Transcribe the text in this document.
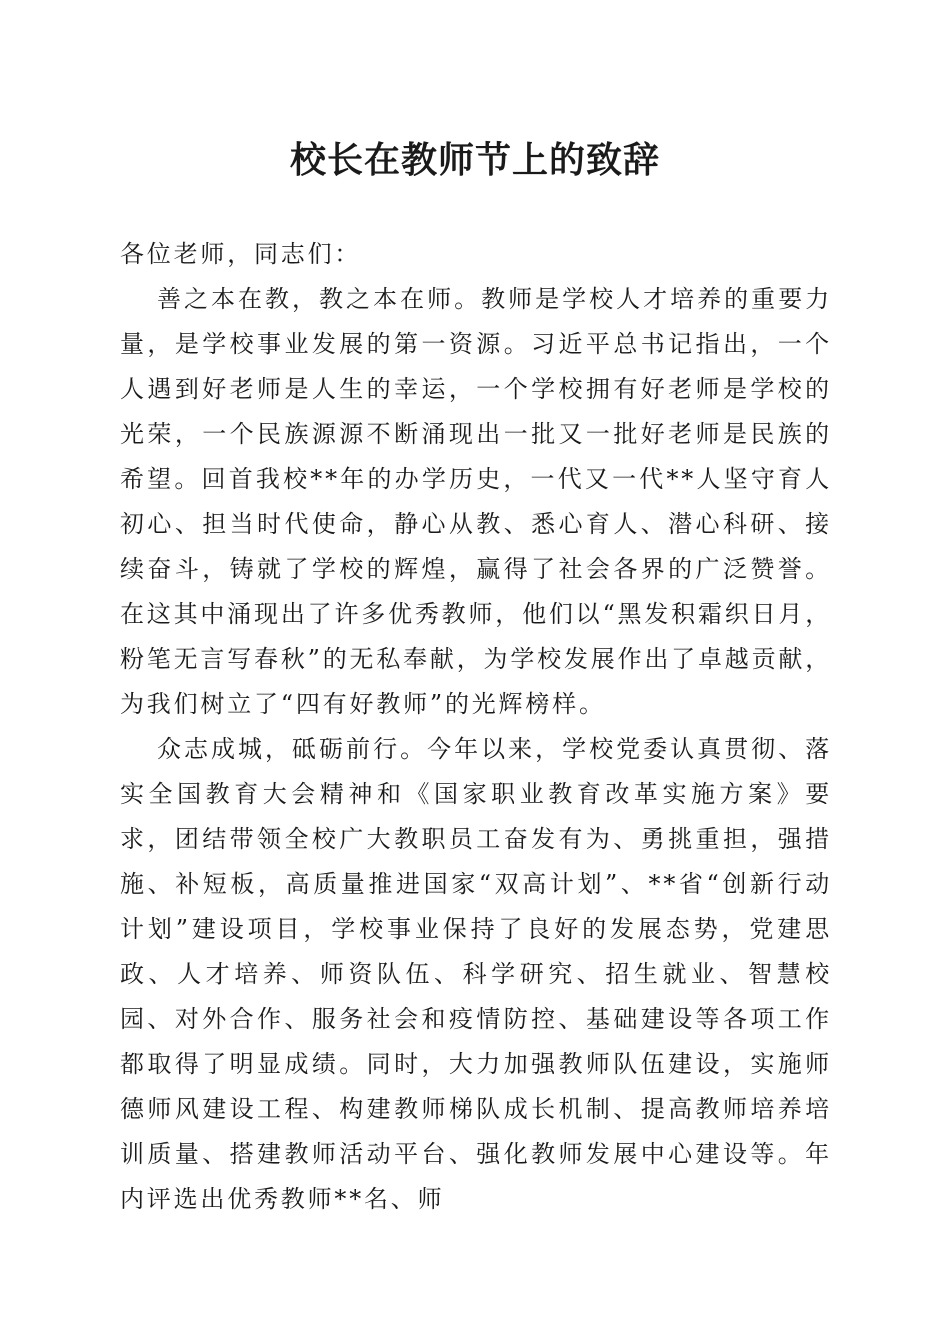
校长在教师节上的致辞

各位老师，同志们：

善之本在教，教之本在师。教师是学校人才培养的重要力量，是学校事业发展的第一资源。习近平总书记指出，一个人遇到好老师是人生的幸运，一个学校拥有好老师是学校的光荣，一个民族源源不断涌现出一批又一批好老师是民族的希望。回首我校**年的办学历史，一代又一代**人坚守育人初心、担当时代使命，静心从教、悉心育人、潜心科研、接续奋斗，铸就了学校的辉煌，赢得了社会各界的广泛赞誉。在这其中涌现出了许多优秀教师，他们以“黑发积霜织日月，粉笔无言写春秋”的无私奉献，为学校发展作出了卓越贡献，为我们树立了“四有好教师”的光辉榜样。

众志成城，砥砺前行。今年以来，学校党委认真贯彻、落实全国教育大会精神和《国家职业教育改革实施方案》要求，团结带领全校广大教职员工奋发有为、勇挑重担，强措施、补短板，高质量推进国家“双高计划”、**省“创新行动计划”建设项目，学校事业保持了良好的发展态势，党建思政、人才培养、师资队伍、科学研究、招生就业、智慧校园、对外合作、服务社会和疫情防控、基础建设等各项工作都取得了明显成绩。同时，大力加强教师队伍建设，实施师德师风建设工程、构建教师梯队成长机制、提高教师培养培训质量、搭建教师活动平台、强化教师发展中心建设等。年内评选出优秀教师**名、师
